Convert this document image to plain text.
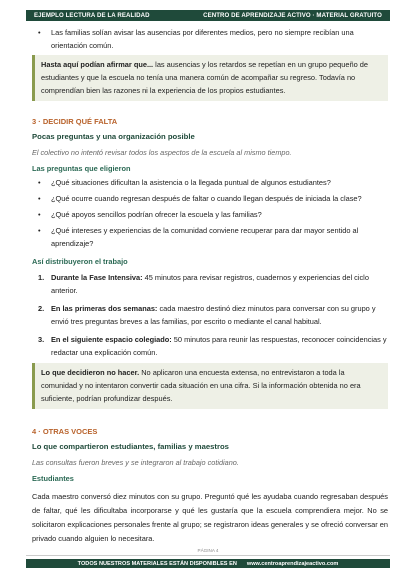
EJEMPLO LECTURA DE LA REALIDAD	CENTRO DE APRENDIZAJE ACTIVO · MATERIAL GRATUITO
• Las familias solían avisar las ausencias por diferentes medios, pero no siempre recibían una orientación común.
Hasta aquí podían afirmar que... las ausencias y los retardos se repetían en un grupo pequeño de estudiantes y que la escuela no tenía una manera común de acompañar su regreso. Todavía no comprendían bien las razones ni la experiencia de los propios estudiantes.
3 · DECIDIR QUÉ FALTA
Pocas preguntas y una organización posible
El colectivo no intentó revisar todos los aspectos de la escuela al mismo tiempo.
Las preguntas que eligieron
• ¿Qué situaciones dificultan la asistencia o la llegada puntual de algunos estudiantes?
• ¿Qué ocurre cuando regresan después de faltar o cuando llegan después de iniciada la clase?
• ¿Qué apoyos sencillos podrían ofrecer la escuela y las familias?
• ¿Qué intereses y experiencias de la comunidad conviene recuperar para dar mayor sentido al aprendizaje?
Así distribuyeron el trabajo
1. Durante la Fase Intensiva: 45 minutos para revisar registros, cuadernos y experiencias del ciclo anterior.
2. En las primeras dos semanas: cada maestro destinó diez minutos para conversar con su grupo y envió tres preguntas breves a las familias, por escrito o mediante el canal habitual.
3. En el siguiente espacio colegiado: 50 minutos para reunir las respuestas, reconocer coincidencias y redactar una explicación común.
Lo que decidieron no hacer. No aplicaron una encuesta extensa, no entrevistaron a toda la comunidad y no intentaron convertir cada situación en una cifra. Si la información obtenida no era suficiente, podrían profundizar después.
4 · OTRAS VOCES
Lo que compartieron estudiantes, familias y maestros
Las consultas fueron breves y se integraron al trabajo cotidiano.
Estudiantes
Cada maestro conversó diez minutos con su grupo. Preguntó qué les ayudaba cuando regresaban después de faltar, qué les dificultaba incorporarse y qué les gustaría que la escuela comprendiera mejor. No se solicitaron explicaciones personales frente al grupo; se registraron ideas generales y se ofreció conversar en privado cuando alguien lo necesitara.
PÁGINA 4
TODOS NUESTROS MATERIALES ESTÁN DISPONIBLES EN www.centroaprendizajeactivo.com
